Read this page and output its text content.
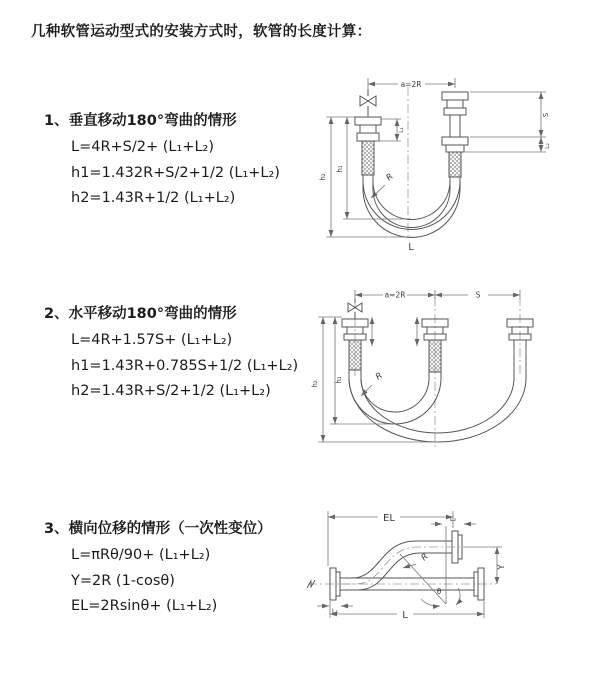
几种软管运动型式的安装方式时，软管的长度计算：
1、垂直移动180°弯曲的情形
L=4R+S/2+ (L₁+L₂)
h1=1.432R+S/2+1/2 (L₁+L₂)
h2=1.43R+1/2 (L₁+L₂)
a=2R
h₂
h₁
L₁
S
L₂
R
L
2、水平移动180°弯曲的情形
L=4R+1.57S+ (L₁+L₂)
h1=1.43R+0.785S+1/2 (L₁+L₂)
h2=1.43R+S/2+1/2 (L₁+L₂)
a=2R	S
h₂
h₁	R
3、横向位移的情形（一次性变位）
L=πRθ/90+ (L₁+L₂)
Y=2R (1-cosθ)
EL=2Rsinθ+ (L₁+L₂)
EL	L₂
Y
R
θ
L
L₁
